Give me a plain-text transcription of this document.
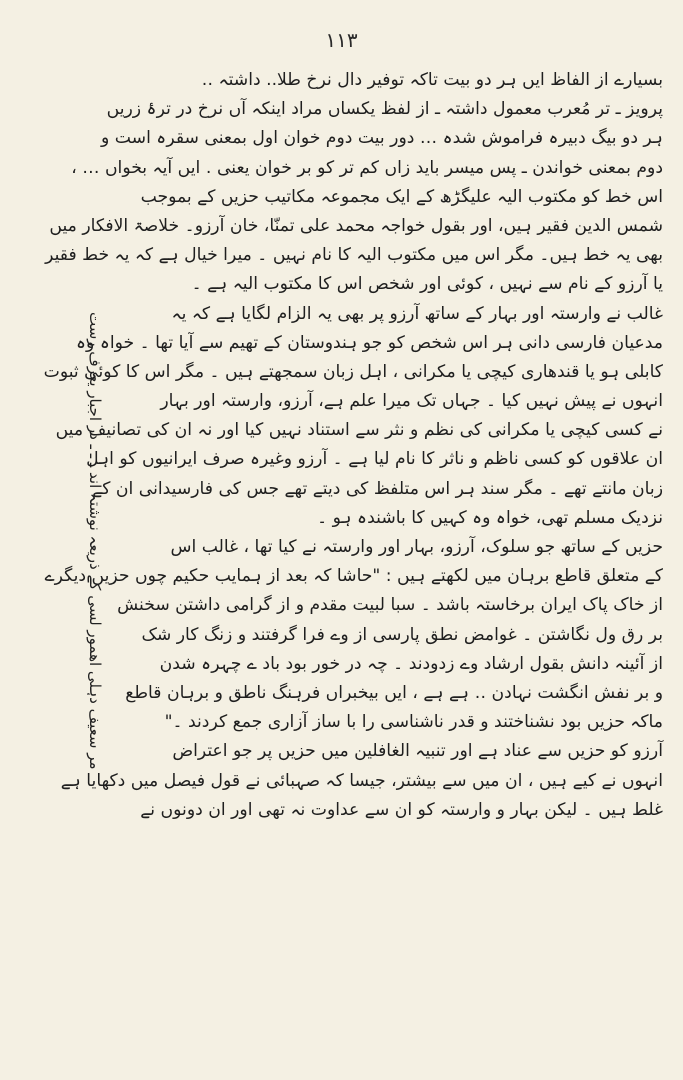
۱۱۳
مر سعیف دہلی اھمور لسی کے ذریعہ نوشتہ اند ـ ـ ـ در اجبار یعرف رست
بسیارے از الفاظ ایں ہر دو بیت تاکہ توفیر دال نرخ طلا.. داشتہ ․․
پرویز ـ تر مُعرب معمول داشتہ ـ از لفظ یکساں مراد اینکہ آں نرخ در ترۂ زریں
ہر دو بیگ دبیرہ فراموش شدہ ․․․ دور بیت دوم خوان اول بمعنی سقرہ است و
دوم بمعنی خواندن ـ پس میسر باید زاں کم تر کو بر خوان یعنی ․ ایں آیہ بخواں ․․․ ،
اس خط کو مکتوب الیہ علیگڑھ کے ایک مجموعہ مکاتیب حزیں کے بموجب
شمس الدین فقیر ہیں، اور بقول خواجہ محمد علی تمنّا، خان آرزو۔ خلاصۃ الافکار میں
بھی یہ خط ہیں۔ مگر اس میں مکتوب الیہ کا نام نہیں ۔ میرا خیال ہے کہ یہ خط فقیر
یا آرزو کے نام سے نہیں ، کوئی اور شخص اس کا مکتوب الیہ ہے ۔
غالب نے وارستہ اور بہار کے ساتھ آرزو پر بھی یہ الزام لگایا ہے کہ یہ
مدعیان فارسی دانی ہر اس شخص کو جو ہندوستان کے تھیم سے آیا تھا ۔ خواہ وہ
کابلی ہو یا قندھاری کیچی یا مکرانی ، اہل زبان سمجھتے ہیں ۔ مگر اس کا کوئی ثبوت
انہوں نے پیش نہیں کیا ۔ جہاں تک میرا علم ہے، آرزو، وارستہ اور بہار
نے کسی کیچی یا مکرانی کی نظم و نثر سے استناد نہیں کیا اور نہ ان کی تصانیف میں
ان علاقوں کو کسی ناظم و ناثر کا نام لیا ہے ۔ آرزو وغیرہ صرف ایرانیوں کو اہل
زبان مانتے تھے ۔ مگر سند ہر اس متلفظ کی دیتے تھے جس کی فارسیدانی ان کے
نزدیک مسلم تھی، خواہ وہ کہیں کا باشندہ ہو ۔
حزیں کے ساتھ جو سلوک، آرزو، بہار اور وارستہ نے کیا تھا ، غالب اس
کے متعلق قاطع برہان میں لکھتے ہیں : "حاشا کہ بعد از ہمایب حکیم چوں حزیں دیگرے
از خاک پاک ایران برخاستہ باشد ۔ سبا لبیت مقدم و از گرامی داشتن سخنش
بر رق ول نگاشتن ۔ غوامض نطق پارسی از وے فرا گرفتند و زنگ کار شک
از آئینہ دانش بقول ارشاد وے زدودند ۔ چہ در خور بود باد ے چہرہ شدن
و بر نفش انگشت نہادن ․․ ہے ہے ، ایں بیخبراں فرہنگ ناطق و برہان قاطع
ماکہ حزیں بود نشناختند و قدر ناشناسی را با ساز آزاری جمع کردند ۔"
آرزو کو حزیں سے عناد ہے اور تنبیہ الغافلین میں حزیں پر جو اعتراض
انہوں نے کیے ہیں ، ان میں سے بیشتر، جیسا کہ صہبائی نے قول فیصل میں دکھایا ہے
غلط ہیں ۔ لیکن بہار و وارستہ کو ان سے عداوت نہ تھی اور ان دونوں نے
